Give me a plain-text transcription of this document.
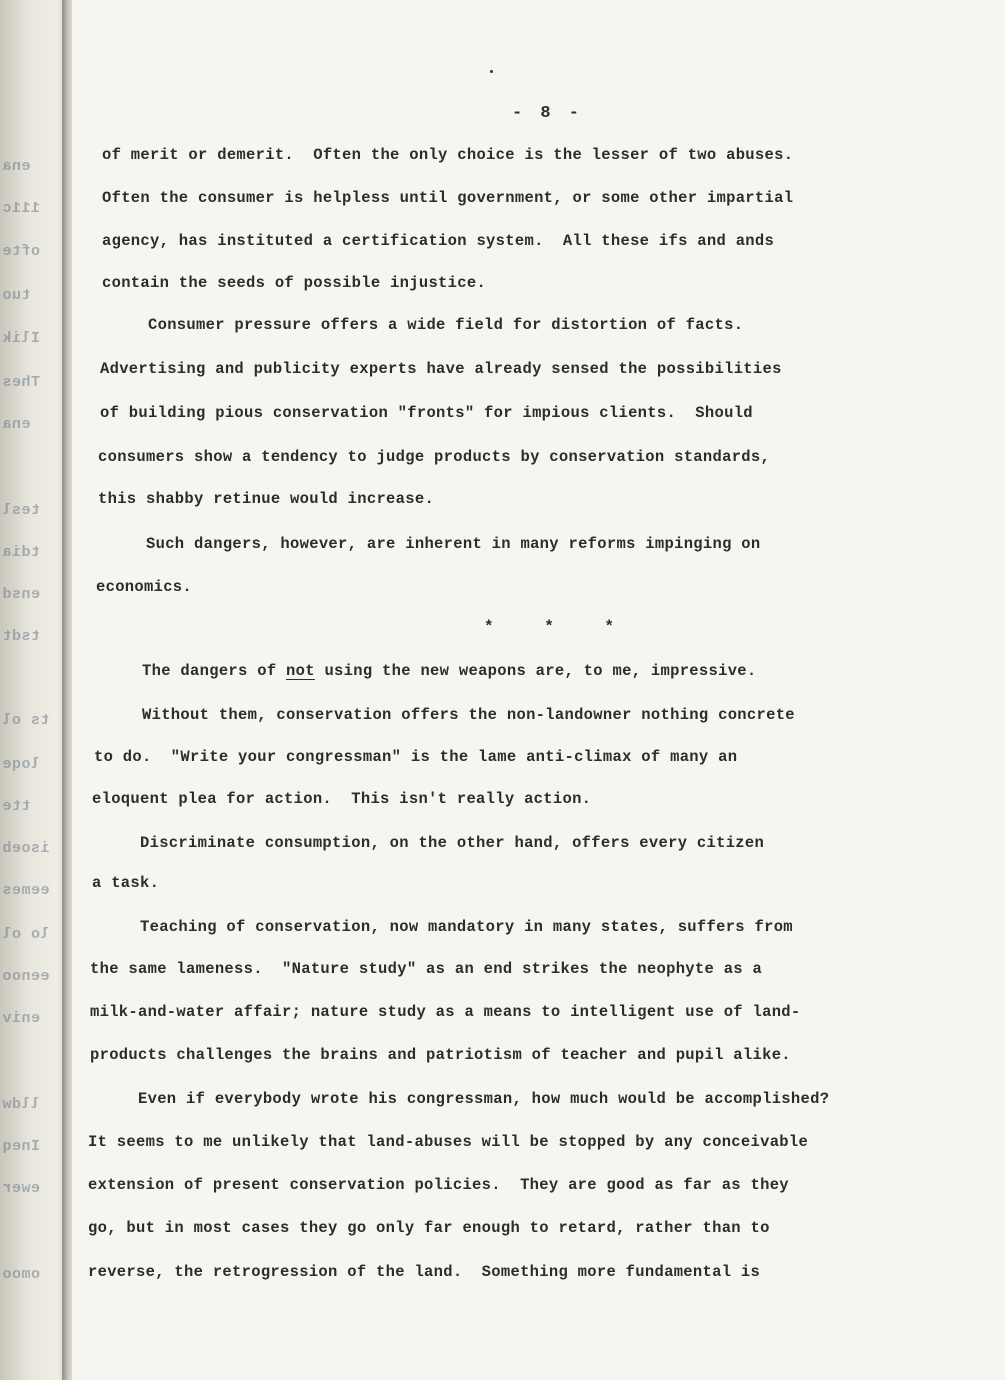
ena
111c
ofte
tuo
Ilik
Thes
ena
tesl
tdia
ensd
tsdt
ts ol
loqe
tte
isoeb
eemes
lo ol
eenoo
eniv
lldw
Ineq
ewer
omoo
- 8 -
of merit or demerit.  Often the only choice is the lesser of two abuses.
Often the consumer is helpless until government, or some other impartial
agency, has instituted a certification system.  All these ifs and ands
contain the seeds of possible injustice.
Consumer pressure offers a wide field for distortion of facts.
Advertising and publicity experts have already sensed the possibilities
of building pious conservation "fronts" for impious clients.  Should
consumers show a tendency to judge products by conservation standards,
this shabby retinue would increase.
Such dangers, however, are inherent in many reforms impinging on
economics.
*	*	*
The dangers of not using the new weapons are, to me, impressive.
Without them, conservation offers the non-landowner nothing concrete
to do.  "Write your congressman" is the lame anti-climax of many an
eloquent plea for action.  This isn't really action.
Discriminate consumption, on the other hand, offers every citizen
a task.
Teaching of conservation, now mandatory in many states, suffers from
the same lameness.  "Nature study" as an end strikes the neophyte as a
milk-and-water affair; nature study as a means to intelligent use of land-
products challenges the brains and patriotism of teacher and pupil alike.
Even if everybody wrote his congressman, how much would be accomplished?
It seems to me unlikely that land-abuses will be stopped by any conceivable
extension of present conservation policies.  They are good as far as they
go, but in most cases they go only far enough to retard, rather than to
reverse, the retrogression of the land.  Something more fundamental is
